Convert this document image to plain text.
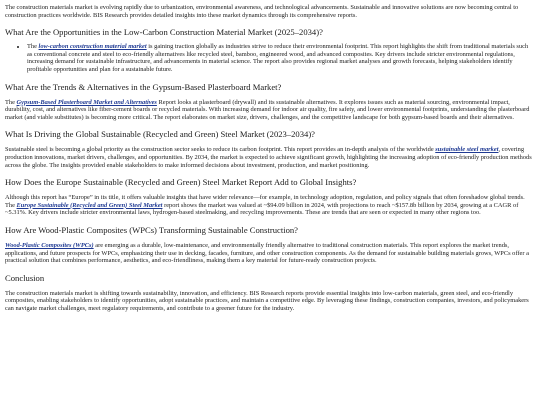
The construction materials market is evolving rapidly due to urbanization, environmental awareness, and technological advancements. Sustainable and innovative solutions are now becoming central to construction practices worldwide. BIS Research provides detailed insights into these market dynamics through its comprehensive reports.

What Are the Opportunities in the Low-Carbon Construction Material Market (2025–2034)?
• The low-carbon construction material market is gaining traction globally as industries strive to reduce their environmental footprint. This report highlights the shift from traditional materials such as conventional concrete and steel to eco-friendly alternatives like recycled steel, bamboo, engineered wood, and advanced composites. Key drivers include stricter environmental regulations, increasing demand for sustainable infrastructure, and advancements in material science. The report also provides regional market analyses and growth forecasts, helping stakeholders identify profitable opportunities and plan for a sustainable future.
What Are the Trends & Alternatives in the Gypsum-Based Plasterboard Market?

The Gypsum-Based Plasterboard Market and Alternatives Report looks at plasterboard (drywall) and its sustainable alternatives. It explores issues such as material sourcing, environmental impact, durability, cost, and alternatives like fiber-cement boards or recycled materials. With increasing demand for indoor air quality, fire safety, and lower environmental footprints, understanding the plasterboard market (and viable substitutes) is becoming more critical. The report elaborates on market size, drivers, challenges, and the competitive landscape for both gypsum-based boards and their alternatives.

What Is Driving the Global Sustainable (Recycled and Green) Steel Market (2023–2034)?

Sustainable steel is becoming a global priority as the construction sector seeks to reduce its carbon footprint. This report provides an in-depth analysis of the worldwide sustainable steel market, covering production innovations, market drivers, challenges, and opportunities. By 2034, the market is expected to achieve significant growth, highlighting the increasing adoption of eco-friendly production methods across the globe. The insights provided enable stakeholders to make informed decisions about investment, production, and market positioning.

How Does the Europe Sustainable (Recycled and Green) Steel Market Report Add to Global Insights?

Although this report has “Europe” in its title, it offers valuable insights that have wider relevance—for example, in technology adoption, regulation, and policy signals that often foreshadow global trends. The Europe Sustainable (Recycled and Green) Steel Market report shows the market was valued at ~$94.09 billion in 2024, with projections to reach ~$157.8b billion by 2034, growing at a CAGR of ~5.31%. Key drivers include stricter environmental laws, hydrogen-based steelmaking, and recycling improvements. These are trends that are seen or expected in many other regions too.

How Are Wood-Plastic Composites (WPCs) Transforming Sustainable Construction?

Wood-Plastic Composites (WPCs) are emerging as a durable, low-maintenance, and environmentally friendly alternative to traditional construction materials. This report explores the market trends, applications, and future prospects for WPCs, emphasizing their use in decking, facades, furniture, and other construction components. As the demand for sustainable building materials grows, WPCs offer a practical solution that combines performance, aesthetics, and eco-friendliness, making them a key material for future-ready construction projects.

Conclusion

The construction materials market is shifting towards sustainability, innovation, and efficiency. BIS Research reports provide essential insights into low-carbon materials, green steel, and eco-friendly composites, enabling stakeholders to identify opportunities, adopt sustainable practices, and maintain a competitive edge. By leveraging these findings, construction companies, investors, and policymakers can navigate market challenges, meet regulatory requirements, and contribute to a greener future for the industry.
